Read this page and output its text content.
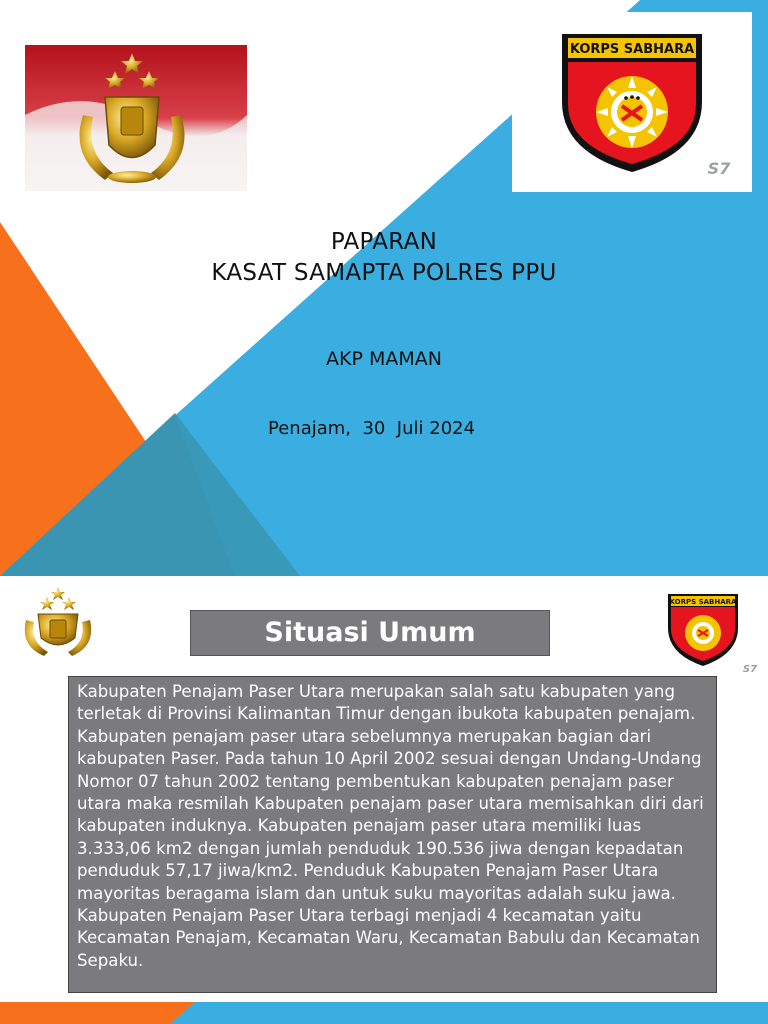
KORPS SABHARA
S7
PAPARAN
KASAT SAMAPTA POLRES PPU
AKP MAMAN
Penajam,  30  Juli 2024
KORPS SABHARA
S7
Situasi Umum
Kabupaten Penajam Paser Utara merupakan salah satu kabupaten yang terletak di Provinsi Kalimantan Timur dengan ibukota kabupaten penajam. Kabupaten penajam paser utara sebelumnya merupakan bagian dari kabupaten Paser. Pada tahun 10 April 2002 sesuai dengan Undang-Undang Nomor 07 tahun 2002 tentang pembentukan kabupaten penajam paser utara maka resmilah Kabupaten penajam paser utara memisahkan diri dari kabupaten induknya. Kabupaten penajam paser utara memiliki luas 3.333,06 km2 dengan jumlah penduduk 190.536 jiwa dengan kepadatan penduduk 57,17 jiwa/km2. Penduduk Kabupaten Penajam Paser Utara mayoritas beragama islam dan untuk suku mayoritas adalah suku jawa. Kabupaten Penajam Paser Utara terbagi menjadi 4 kecamatan yaitu Kecamatan Penajam, Kecamatan Waru, Kecamatan Babulu dan Kecamatan Sepaku.
